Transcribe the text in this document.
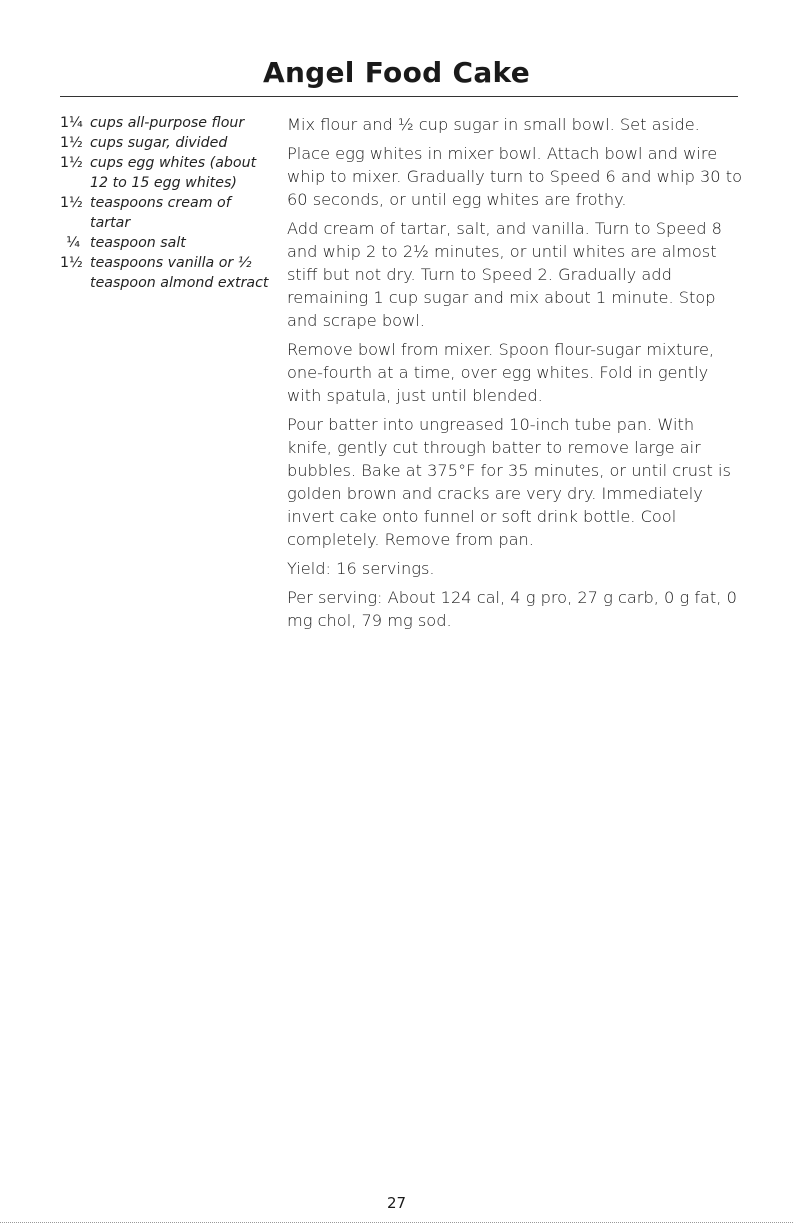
Angel Food Cake
1¼ cups all-purpose flour
1½ cups sugar, divided
1½ cups egg whites (about 12 to 15 egg whites)
1½ teaspoons cream of tartar
¼ teaspoon salt
1½ teaspoons vanilla or ½ teaspoon almond extract

Mix flour and ½ cup sugar in small bowl. Set aside.

Place egg whites in mixer bowl. Attach bowl and wire whip to mixer. Gradually turn to Speed 6 and whip 30 to 60 seconds, or until egg whites are frothy.

Add cream of tartar, salt, and vanilla. Turn to Speed 8 and whip 2 to 2½ minutes, or until whites are almost stiff but not dry. Turn to Speed 2. Gradually add remaining 1 cup sugar and mix about 1 minute. Stop and scrape bowl.

Remove bowl from mixer. Spoon flour-sugar mixture, one-fourth at a time, over egg whites. Fold in gently with spatula, just until blended.

Pour batter into ungreased 10-inch tube pan. With knife, gently cut through batter to remove large air bubbles. Bake at 375°F for 35 minutes, or until crust is golden brown and cracks are very dry. Immediately invert cake onto funnel or soft drink bottle. Cool completely. Remove from pan.

Yield: 16 servings.

Per serving: About 124 cal, 4 g pro, 27 g carb, 0 g fat, 0 mg chol, 79 mg sod.

27
